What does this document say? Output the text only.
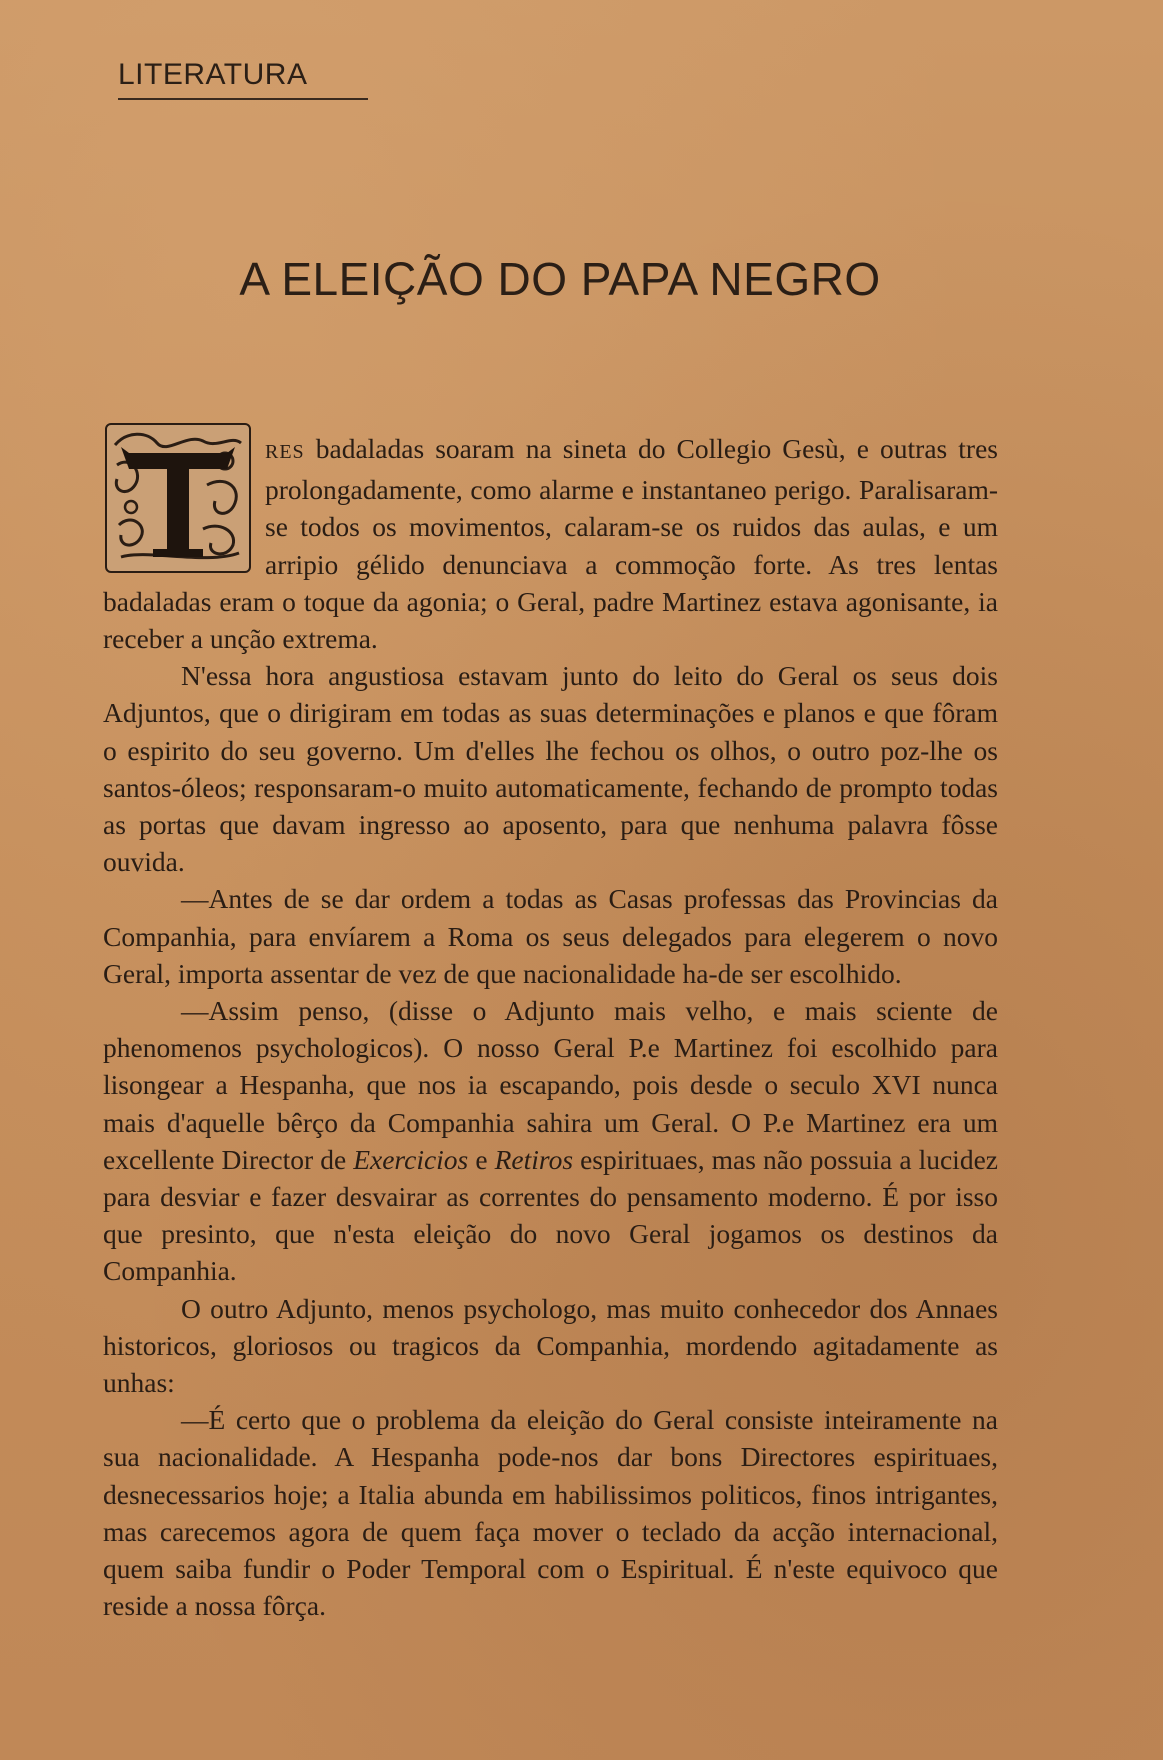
LITERATURA
A ELEIÇÃO DO PAPA NEGRO

RES badaladas soaram na sineta do Collegio Gesù, e outras tres prolongadamente, como alarme e instantaneo perigo. Paralisaram-se todos os movimentos, calaram-se os ruidos das aulas, e um arripio gélido denunciava a commoção forte. As tres lentas badaladas eram o toque da agonia; o Geral, padre Martinez estava agonisante, ia receber a unção extrema.

N'essa hora angustiosa estavam junto do leito do Geral os seus dois Adjuntos, que o dirigiram em todas as suas determinações e planos e que fôram o espirito do seu governo. Um d'elles lhe fechou os olhos, o outro poz-lhe os santos-óleos; responsaram-o muito automaticamente, fechando de prompto todas as portas que davam ingresso ao aposento, para que nenhuma palavra fôsse ouvida.

—Antes de se dar ordem a todas as Casas professas das Provincias da Companhia, para envíarem a Roma os seus delegados para elegerem o novo Geral, importa assentar de vez de que nacionalidade ha-de ser escolhido.

—Assim penso, (disse o Adjunto mais velho, e mais sciente de phenomenos psychologicos). O nosso Geral P.e Martinez foi escolhido para lisongear a Hespanha, que nos ia escapando, pois desde o seculo XVI nunca mais d'aquelle bêrço da Companhia sahira um Geral. O P.e Martinez era um excellente Director de Exercicios e Retiros espirituaes, mas não possuia a lucidez para desviar e fazer desvairar as correntes do pensamento moderno. É por isso que presinto, que n'esta eleição do novo Geral jogamos os destinos da Companhia.

O outro Adjunto, menos psychologo, mas muito conhecedor dos Annaes historicos, gloriosos ou tragicos da Companhia, mordendo agitadamente as unhas:

—É certo que o problema da eleição do Geral consiste inteiramente na sua nacionalidade. A Hespanha pode-nos dar bons Directores espirituaes, desnecessarios hoje; a Italia abunda em habilissimos politicos, finos intrigantes, mas carecemos agora de quem faça mover o teclado da acção internacional, quem saiba fundir o Poder Temporal com o Espiritual. É n'este equivoco que reside a nossa fôrça.
